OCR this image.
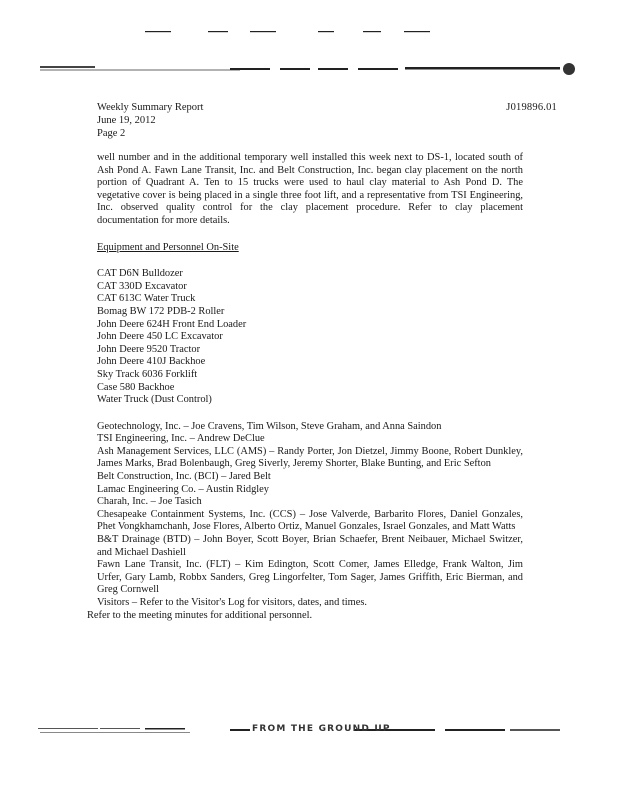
Weekly Summary Report	J019896.01
June 19, 2012
Page 2

well number and in the additional temporary well installed this week next to DS-1, located south of Ash Pond A. Fawn Lane Transit, Inc. and Belt Construction, Inc. began clay placement on the north portion of Quadrant A. Ten to 15 trucks were used to haul clay material to Ash Pond D. The vegetative cover is being placed in a single three foot lift, and a representative from TSI Engineering, Inc. observed quality control for the clay placement procedure. Refer to clay placement documentation for more details.

Equipment and Personnel On-Site
CAT D6N Bulldozer
CAT 330D Excavator
CAT 613C Water Truck
Bomag BW 172 PDB-2 Roller
John Deere 624H Front End Loader
John Deere 450 LC Excavator
John Deere 9520 Tractor
John Deere 410J Backhoe
Sky Track 6036 Forklift
Case 580 Backhoe
Water Truck (Dust Control)
Geotechnology, Inc. – Joe Cravens, Tim Wilson, Steve Graham, and Anna Saindon
TSI Engineering, Inc. – Andrew DeClue
Ash Management Services, LLC (AMS) – Randy Porter, Jon Dietzel, Jimmy Boone, Robert Dunkley, James Marks, Brad Bolenbaugh, Greg Siverly, Jeremy Shorter, Blake Bunting, and Eric Sefton
Belt Construction, Inc. (BCI) – Jared Belt
Lamac Engineering Co. – Austin Ridgley
Charah, Inc. – Joe Tasich
Chesapeake Containment Systems, Inc. (CCS) – Jose Valverde, Barbarito Flores, Daniel Gonzales, Phet Vongkhamchanh, Jose Flores, Alberto Ortiz, Manuel Gonzales, Israel Gonzales, and Matt Watts
B&T Drainage (BTD) – John Boyer, Scott Boyer, Brian Schaefer, Brent Neibauer, Michael Switzer, and Michael Dashiell
Fawn Lane Transit, Inc. (FLT) – Kim Edington, Scott Comer, James Elledge, Frank Walton, Jim Urfer, Gary Lamb, Robbx Sanders, Greg Lingorfelter, Tom Sager, James Griffith, Eric Bierman, and Greg Cornwell
Visitors – Refer to the Visitor's Log for visitors, dates, and times.
Refer to the meeting minutes for additional personnel.
FROM THE GROUND UP
